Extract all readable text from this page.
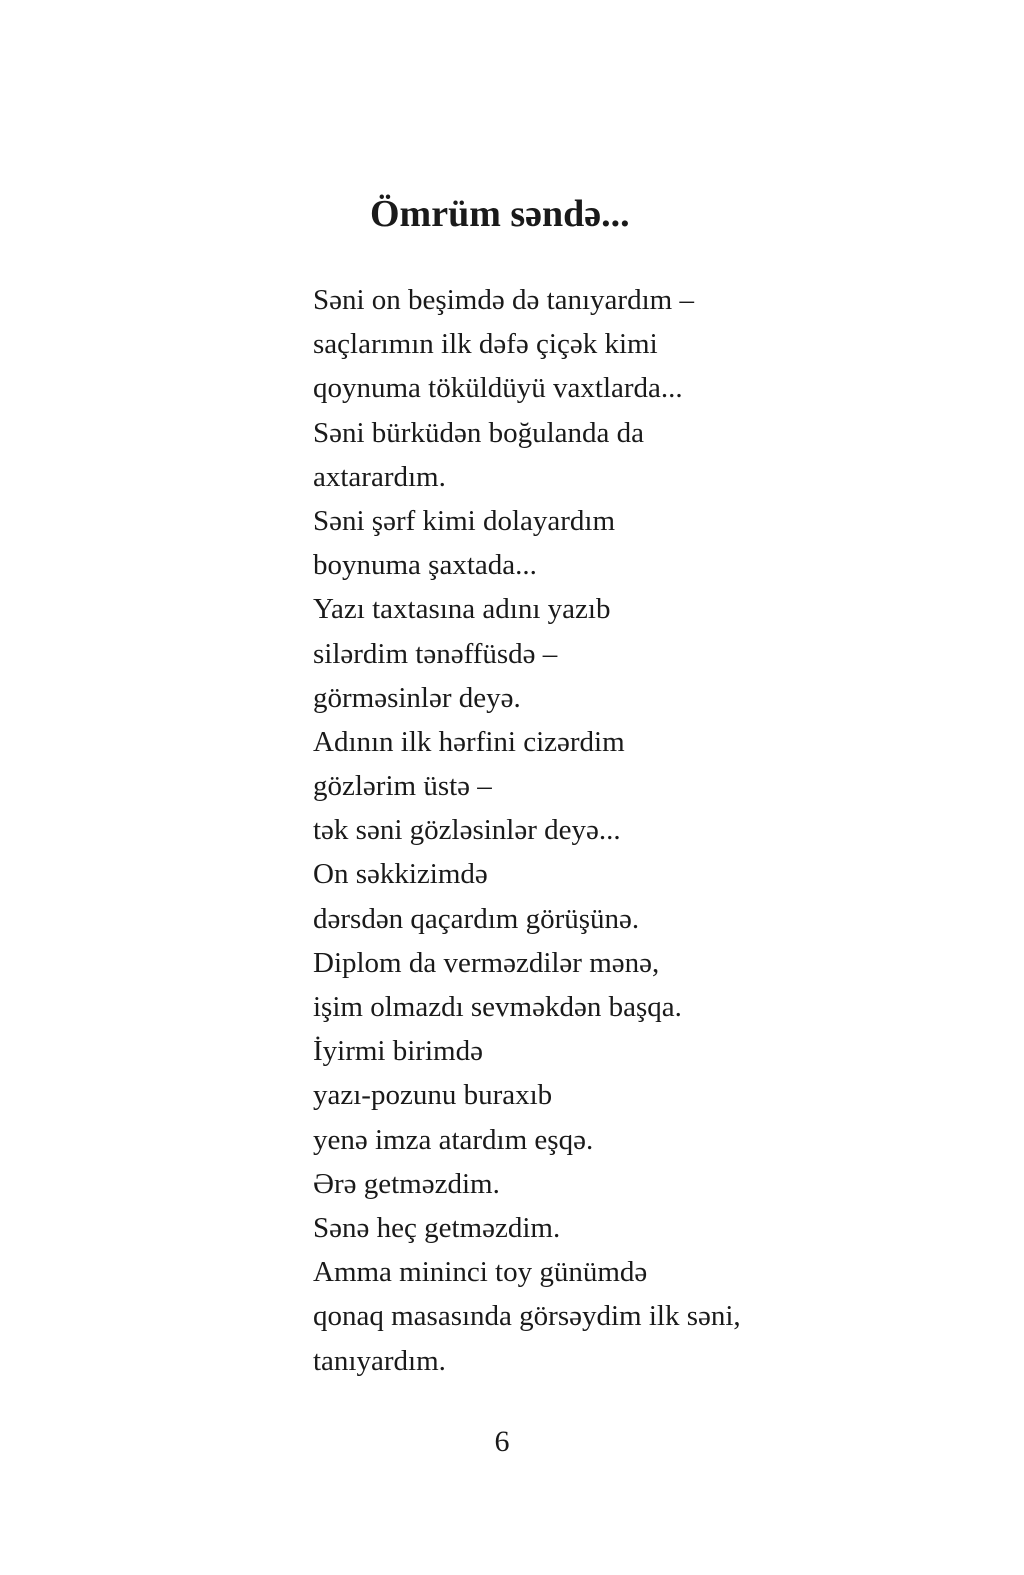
Ömrüm səndə...
Səni on beşimdə də tanıyardım –
saçlarımın ilk dəfə çiçək kimi
qoynuma töküldüyü vaxtlarda...
Səni bürküdən boğulanda da
axtarardım.
Səni şərf kimi dolayardım
boynuma şaxtada...
Yazı taxtasına adını yazıb
silərdim tənəffüsdə –
görməsinlər deyə.
Adının ilk hərfini cizərdim
gözlərim üstə –
tək səni gözləsinlər deyə...
On səkkizimdə
dərsdən qaçardım görüşünə.
Diplom da verməzdilər mənə,
işim olmazdı sevməkdən başqa.
İyirmi birimdə
yazı-pozunu buraxıb
yenə imza atardım eşqə.
Ərə getməzdim.
Sənə heç getməzdim.
Amma mininci toy günümdə
qonaq masasında görsəydim ilk səni,
tanıyardım.
6
